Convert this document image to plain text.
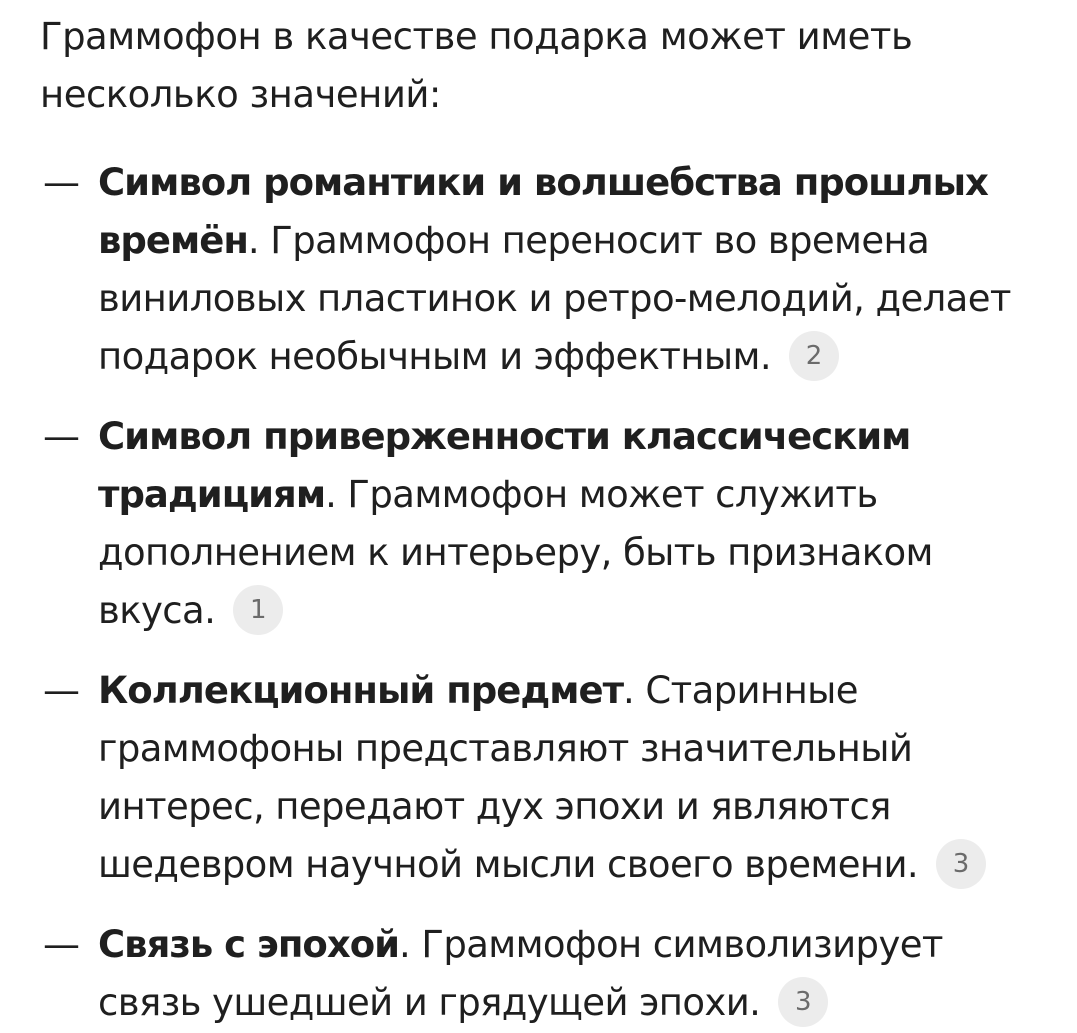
Граммофон в качестве подарка может иметь несколько значений:

— Символ романтики и волшебства прошлых времён. Граммофон переносит во времена виниловых пластинок и ретро-мелодий, делает подарок необычным и эффектным. 2
— Символ приверженности классическим традициям. Граммофон может служить дополнением к интерьеру, быть признаком вкуса. 1
— Коллекционный предмет. Старинные граммофоны представляют значительный интерес, передают дух эпохи и являются шедевром научной мысли своего времени. 3
— Связь с эпохой. Граммофон символизирует связь ушедшей и грядущей эпохи. 3
